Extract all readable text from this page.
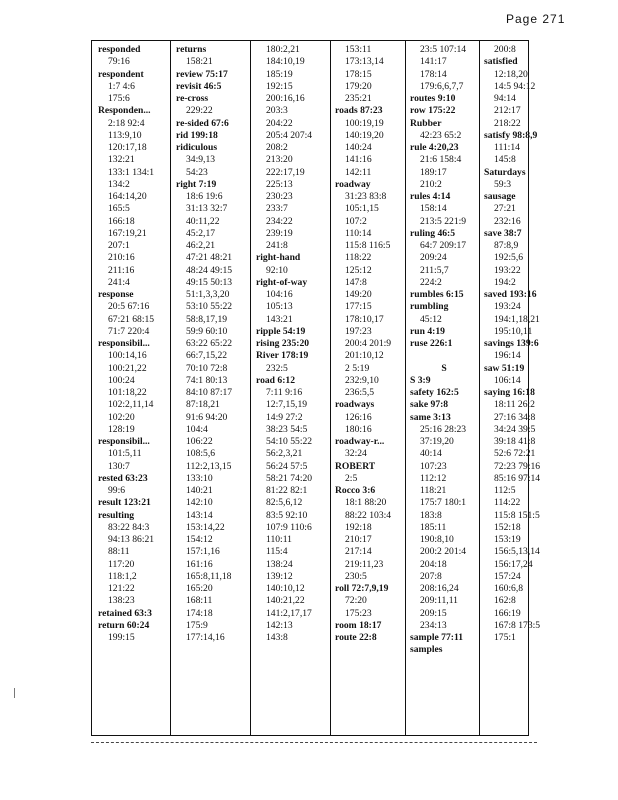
Page 271
responded
79:16
respondent
1:7 4:6
175:6
Responden...
2:18 92:4
113:9,10
120:17,18
132:21
133:1 134:1
134:2
164:14,20
165:5
166:18
167:19,21
207:1
210:16
211:16
241:4
response
20:5 67:16
67:21 68:15
71:7 220:4
responsibil...
100:14,16
100:21,22
100:24
101:18,22
102:2,11,14
102:20
128:19
responsibil...
101:5,11
130:7
rested 63:23
99:6
result 123:21
resulting
83:22 84:3
94:13 86:21
88:11
117:20
118:1,2
121:22
138:23
retained 63:3
return 60:24
199:15
returns
158:21
review 75:17
revisit 46:5
re-cross
229:22
re-sided 67:6
rid 199:18
ridiculous
34:9,13
54:23
right 7:19
18:6 19:6
31:13 32:7
40:11,22
45:2,17
46:2,21
47:21 48:21
48:24 49:15
49:15 50:13
51:1,3,3,20
53:10 55:22
58:8,17,19
59:9 60:10
63:22 65:22
66:7,15,22
70:10 72:8
74:1 80:13
84:10 87:17
87:18,21
91:6 94:20
104:4
106:22
108:5,6
112:2,13,15
133:10
140:21
142:10
143:14
153:14,22
154:12
157:1,16
161:16
165:8,11,18
165:20
168:11
174:18
175:9
177:14,16
180:2,21
184:10,19
185:19
192:15
200:16,16
203:3
204:22
205:4 207:4
208:2
213:20
222:17,19
225:13
230:23
233:7
234:22
239:19
241:8
right-hand
92:10
right-of-way
104:16
105:13
143:21
ripple 54:19
rising 235:20
River 178:19
232:5
road 6:12
7:11 9:16
12:7,15,19
14:9 27:2
38:23 54:5
54:10 55:22
56:2,3,21
56:24 57:5
58:21 74:20
81:22 82:1
82:5,6,12
83:5 92:10
107:9 110:6
110:11
115:4
138:24
139:12
140:10,12
140:21,22
141:2,17,17
142:13
143:8
153:11
173:13,14
178:15
179:20
235:21
roads 87:23
100:19,19
140:19,20
140:24
141:16
142:11
roadway
31:23 83:8
105:1,15
107:2
110:14
115:8 116:5
118:22
125:12
147:8
149:20
177:15
178:10,17
197:23
200:4 201:9
201:10,12
2 5:19
232:9,10
236:5,5
roadways
126:16
180:16
roadway-r...
32:24
ROBERT
2:5
Rocco 3:6
18:1 88:20
88:22 103:4
192:18
210:17
217:14
219:11,23
230:5
roll 72:7,9,19
72:20
175:23
room 18:17
route 22:8
23:5 107:14
141:17
178:14
179:6,6,7,7
routes 9:10
row 175:22
Rubber
42:23 65:2
rule 4:20,23
21:6 158:4
189:17
210:2
rules 4:14
158:14
213:5 221:9
ruling 46:5
64:7 209:17
209:24
211:5,7
224:2
rumbles 6:15
rumbling
45:12
run 4:19
ruse 226:1
S
S 3:9
safety 162:5
sake 97:8
same 3:13
25:16 28:23
37:19,20
40:14
107:23
112:12
118:21
175:7 180:1
183:8
185:11
190:8,10
200:2 201:4
204:18
207:8
208:16,24
209:11,11
209:15
234:13
sample 77:11
samples
200:8
satisfied
12:18,20
14:5 94:12
94:14
212:17
218:22
satisfy 98:8,9
111:14
145:8
Saturdays
59:3
sausage
27:21
232:16
save 38:7
87:8,9
192:5,6
193:22
194:2
saved 193:16
193:24
194:1,18,21
195:10,11
savings 139:6
196:14
saw 51:19
106:14
saying 16:18
18:11 26:2
27:16 34:8
34:24 39:5
39:18 41:8
52:6 72:21
72:23 79:16
85:16 97:14
112:5
114:22
115:8 151:5
152:18
153:19
156:5,13,14
156:17,24
157:24
160:6,8
162:8
166:19
167:8 173:5
175:1
